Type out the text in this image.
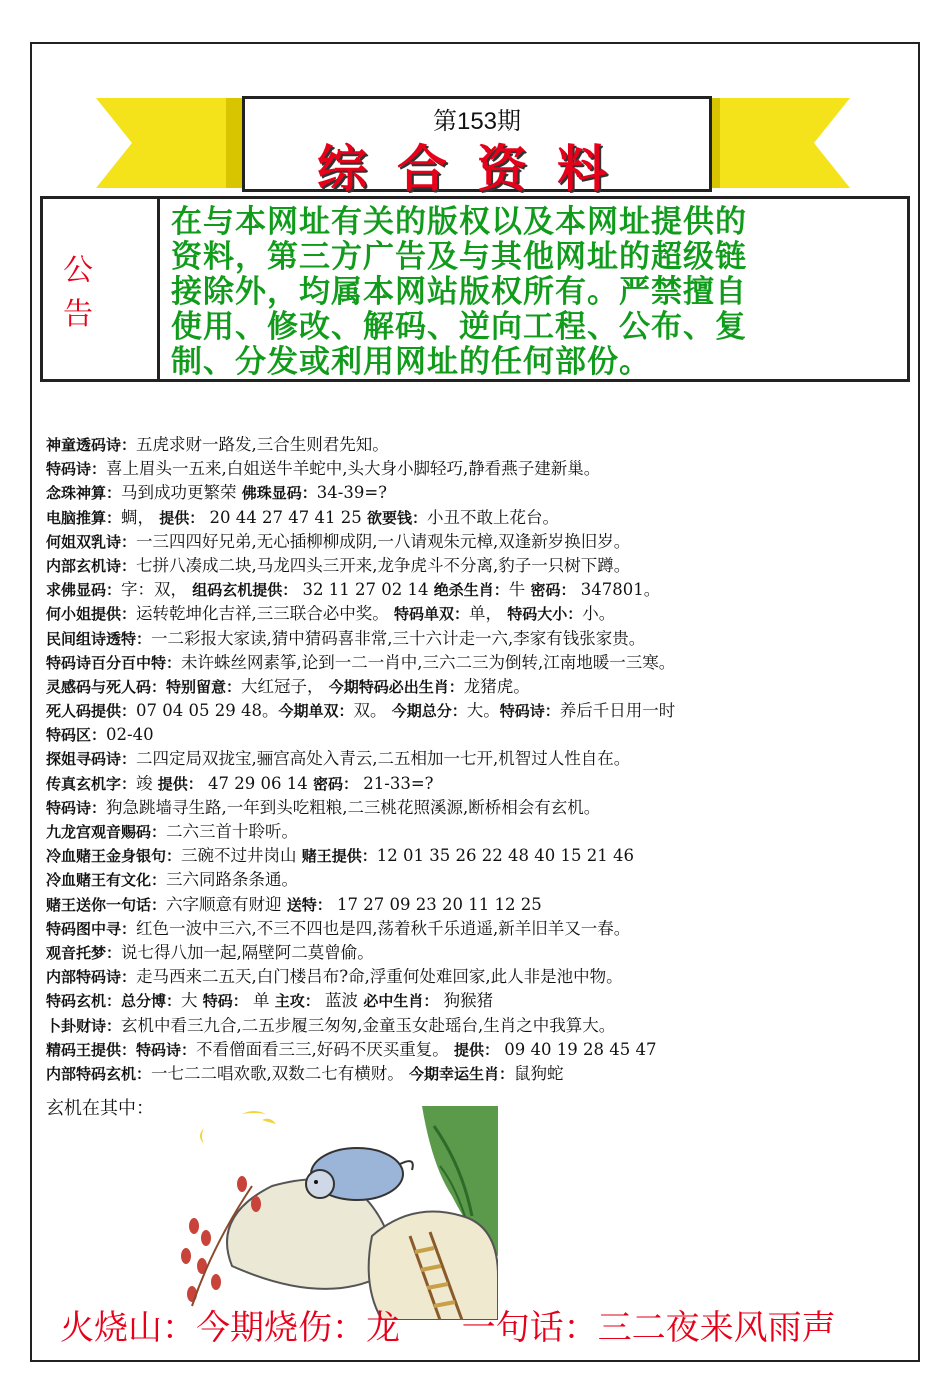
第153期
综合资料
公告
在与本网址有关的版权以及本网址提供的
资料，第三方广告及与其他网址的超级链
接除外，均属本网站版权所有。严禁擅自
使用、修改、解码、逆向工程、公布、复
制、分发或利用网址的任何部份。
神童透码诗：五虎求财一路发,三合生则君先知。
特码诗：喜上眉头一五来,白姐送牛羊蛇中,头大身小脚轻巧,静看燕子建新巢。
念珠神算：马到成功更繁荣 佛珠显码：34-39=?
电脑推算：蜩， 提供： 20 44 27 47 41 25 欲要钱：小丑不敢上花台。
何姐双乳诗：一三四四好兄弟,无心插柳柳成阴,一八请观朱元樟,双逢新岁换旧岁。
内部玄机诗：七拼八凑成二块,马龙四头三开来,龙争虎斗不分离,豹子一只树下蹲。
求佛显码：字：双， 组码玄机提供： 32 11 27 02 14 绝杀生肖：牛 密码： 347801。
何小姐提供：运转乾坤化吉祥,三三联合必中奖。 特码单双：单， 特码大小：小。
民间组诗透特：一二彩报大家读,猜中猜码喜非常,三十六计走一六,李家有钱张家贵。
特码诗百分百中特：未许蛛丝网素筝,论到一二一肖中,三六二三为倒转,江南地暖一三寒。
灵感码与死人码：特别留意：大红冠子， 今期特码必出生肖：龙猪虎。
死人码提供：07 04 05 29 48。今期单双：双。 今期总分：大。特码诗：养后千日用一时
特码区：02-40
探姐寻码诗：二四定局双拢宝,骊宫高处入青云,二五相加一七开,机智过人性自在。
传真玄机字：竣 提供： 47 29 06 14 密码： 21-33=?
特码诗：狗急跳墙寻生路,一年到头吃粗粮,二三桃花照溪源,断桥相会有玄机。
九龙宫观音赐码：二六三首十聆听。
冷血赌王金身银句：三碗不过井岗山 赌王提供：12 01 35 26 22 48 40 15 21 46
冷血赌王有文化：三六同路条条通。
赌王送你一句话：六字顺意有财迎 送特： 17 27 09 23 20 11 12 25
特码图中寻：红色一波中三六,不三不四也是四,荡着秋千乐逍遥,新羊旧羊又一春。
观音托梦：说七得八加一起,隔壁阿二莫曾偷。
内部特码诗：走马西来二五天,白门楼吕布?命,浮重何处难回家,此人非是池中物。
特码玄机：总分博：大 特码： 单 主攻： 蓝波 必中生肖： 狗猴猪
卜卦财诗：玄机中看三九合,二五步履三匆匆,金童玉女赴瑶台,生肖之中我算大。
精码王提供：特码诗：不看僧面看三三,好码不厌买重复。 提供： 09 40 19 28 45 47
内部特码玄机：一七二二唱欢歌,双数二七有横财。 今期幸运生肖：鼠狗蛇
玄机在其中：
火烧山：今期烧伤：龙 一句话：三二夜来风雨声
